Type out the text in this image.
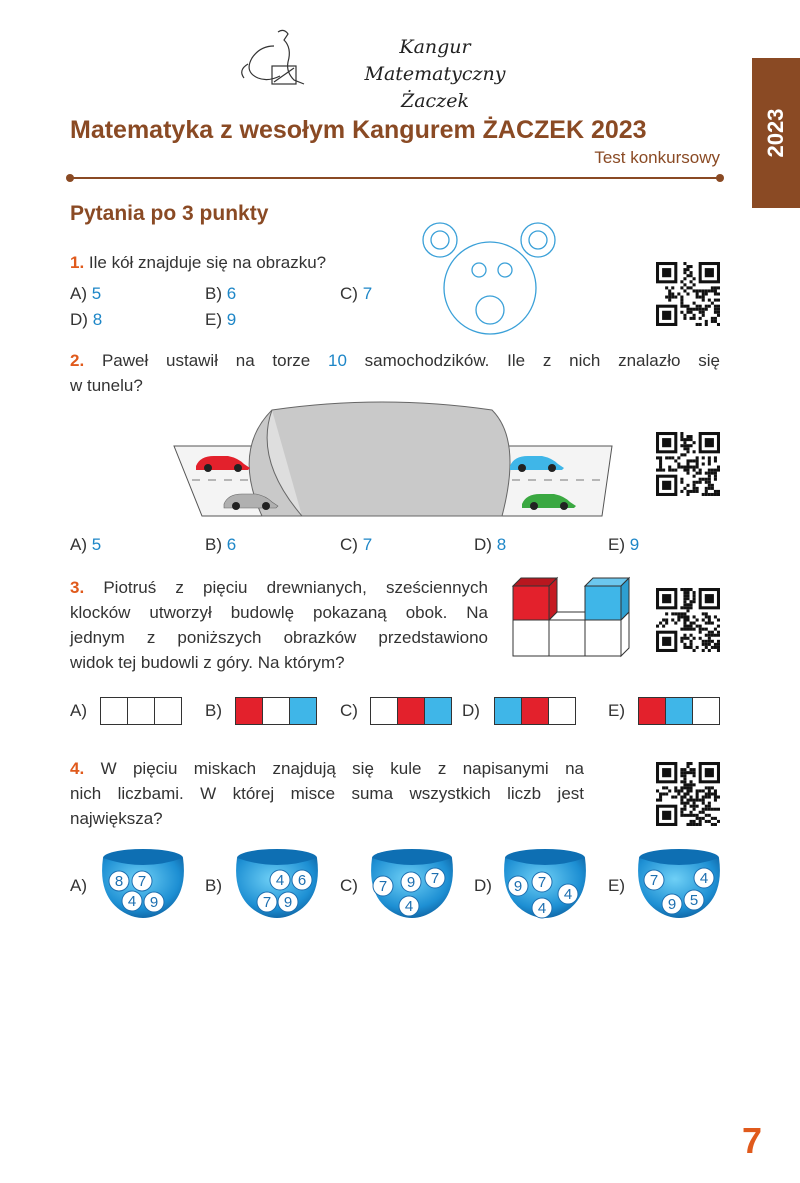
Kangur Matematyczny
Żaczek
Matematyka z wesołym Kangurem ŻACZEK 2023
Test konkursowy
2023
Pytania po 3 punkty
1. Ile kół znajduje się na obrazku?
A) 5	B) 6	C) 7
D) 8	E) 9
2. Paweł ustawił na torze 10 samochodzików. Ile z nich znalazło się
w tunelu?
A) 5	B) 6	C) 7	D) 8	E) 9
3. Piotruś z pięciu drewnianych, sześciennych
klocków utworzył budowlę pokazaną obok. Na
jednym z poniższych obrazków przedstawiono
widok tej budowli z góry. Na którym?
A)	B)	C)	D)	E)
4. W pięciu miskach znajdują się kule z napisanymi na
nich liczbami. W której misce suma wszystkich liczb jest
największa?
A) 8 7
4 9
B)	4 6
7 9
C) 7 9 7
4
D) 9 7
4
4
E) 7	4
9 5
7
